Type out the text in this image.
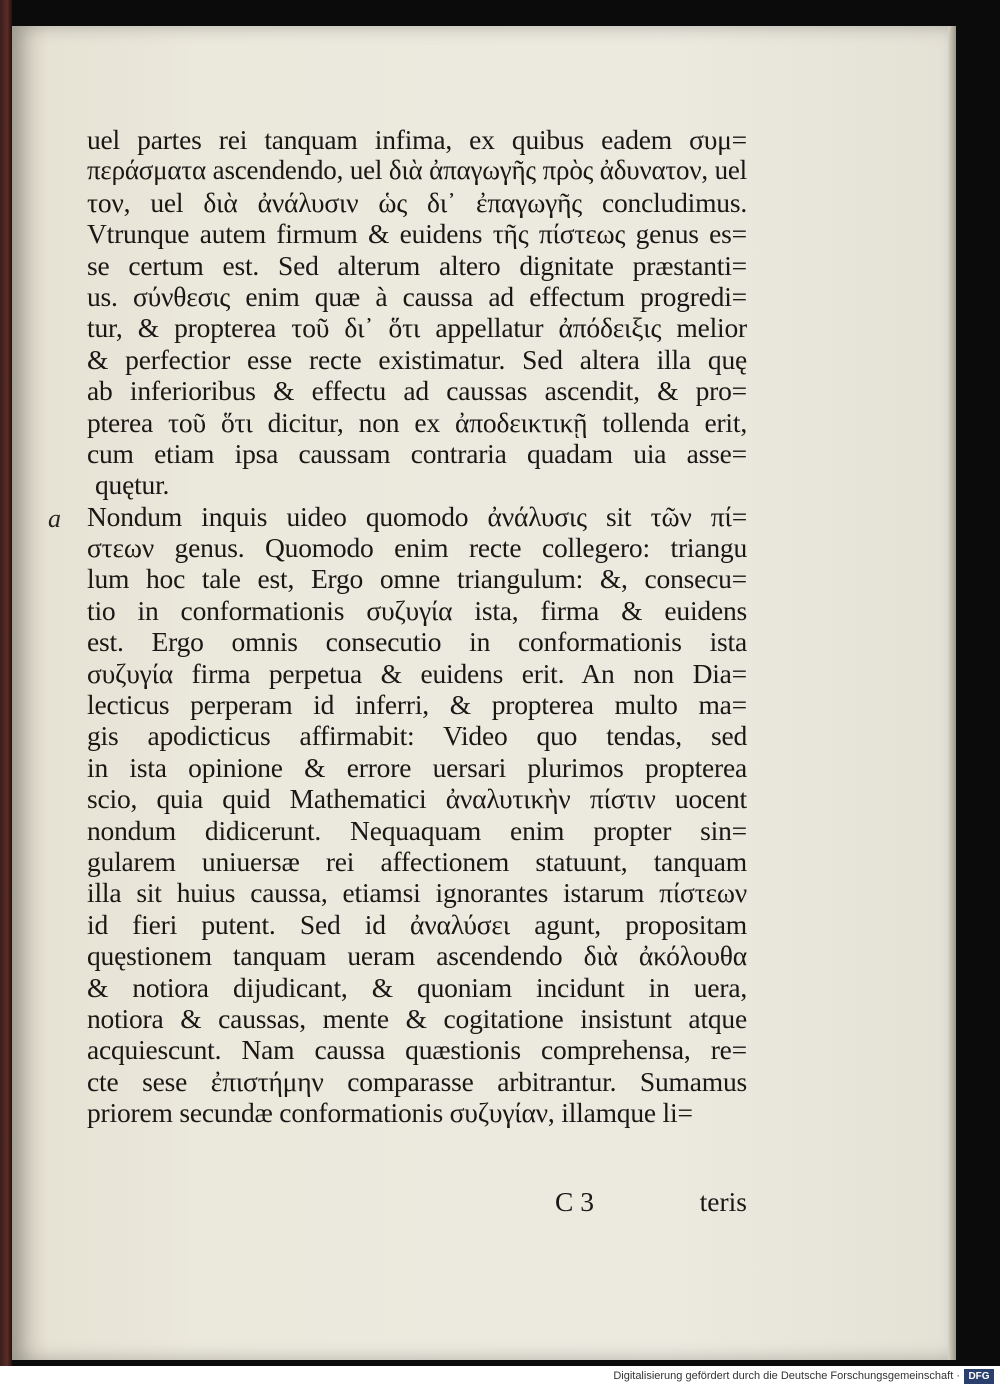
a
uel partes rei tanquam infima, ex quibus eadem συμ=
περάσματα ascendendo, uel διὰ ἀπαγωγῆς πρὸς ἀδυνατον, uel
τον, uel διὰ ἀνάλυσιν ὡς δι᾽ ἐπαγωγῆς concludimus.
Vtrunque autem firmum & euidens τῆς πίστεως genus es=
se certum est. Sed alterum altero dignitate præstanti=
us. σύνθεσις enim quæ à caussa ad effectum progredi=
tur, & propterea τοῦ δι᾽ ὅτι appellatur ἀπόδειξις melior
& perfectior esse recte existimatur. Sed altera illa quę
ab inferioribus & effectu ad caussas ascendit, & pro=
pterea τοῦ ὅτι dicitur, non ex ἀποδεικτικῇ tollenda erit,
cum etiam ipsa caussam contraria quadam uia asse=
quętur.
Nondum inquis uideo quomodo ἀνάλυσις sit τῶν πί=
στεων genus. Quomodo enim recte collegero: triangu
lum hoc tale est, Ergo omne triangulum: &, consecu=
tio in conformationis συζυγία ista, firma & euidens
est. Ergo omnis consecutio in conformationis ista
συζυγία firma perpetua & euidens erit. An non Dia=
lecticus perperam id inferri, & propterea multo ma=
gis apodicticus affirmabit: Video quo tendas, sed
in ista opinione & errore uersari plurimos propterea
scio, quia quid Mathematici ἀναλυτικὴν πίστιν uocent
nondum didicerunt. Nequaquam enim propter sin=
gularem uniuersæ rei affectionem statuunt, tanquam
illa sit huius caussa, etiamsi ignorantes istarum πίστεων
id fieri putent. Sed id ἀναλύσει agunt, propositam
quęstionem tanquam ueram ascendendo διὰ ἀκόλουθα
& notiora dijudicant, & quoniam incidunt in uera,
notiora & caussas, mente & cogitatione insistunt atque
acquiescunt. Nam caussa quæstionis comprehensa, re=
cte sese ἐπιστήμην comparasse arbitrantur. Sumamus
priorem secundæ conformationis συζυγίαν, illamque li=
C 3	teris
Digitalisierung gefördert durch die Deutsche Forschungsgemeinschaft · DFG
